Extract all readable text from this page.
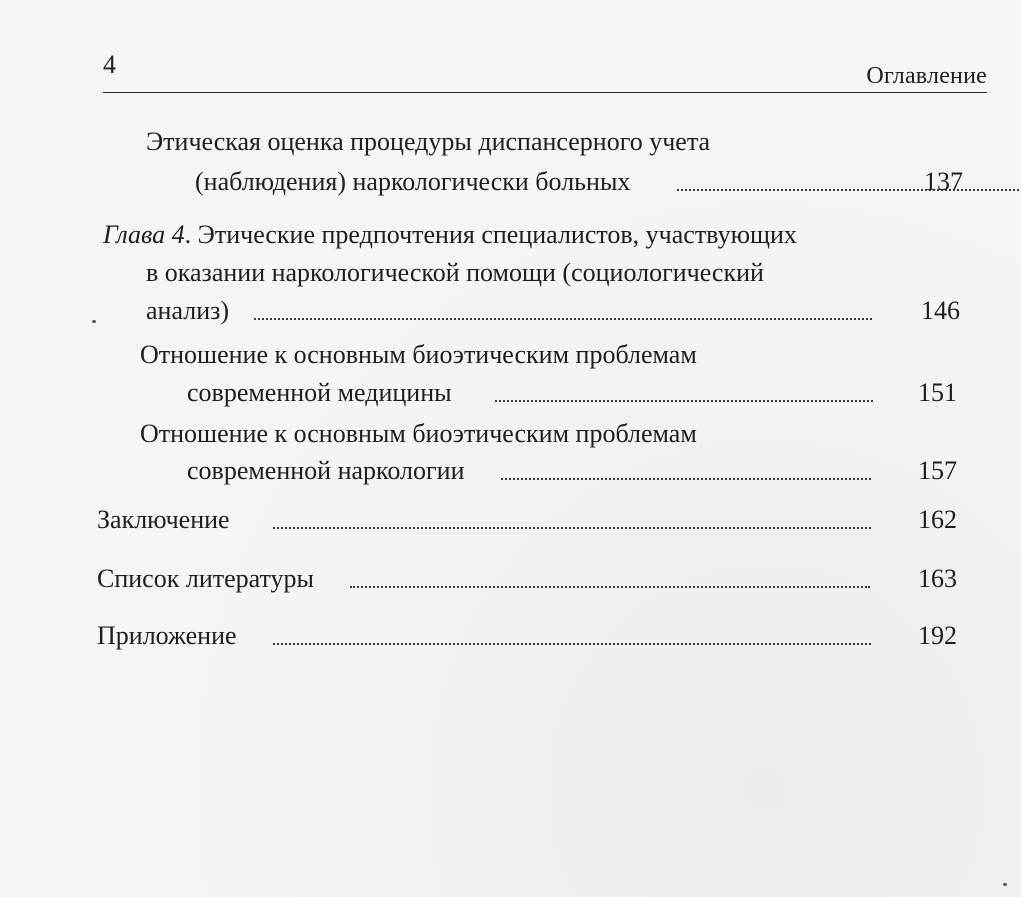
4	Оглавление
Этическая оценка процедуры диспансерного учета
(наблюдения) наркологически больных	137
Глава 4. Этические предпочтения специалистов, участвующих
в оказании наркологической помощи (социологический
анализ)	146
Отношение к основным биоэтическим проблемам
современной медицины	151
Отношение к основным биоэтическим проблемам
современной наркологии	157
Заключение	162
Список литературы	163
Приложение	192
